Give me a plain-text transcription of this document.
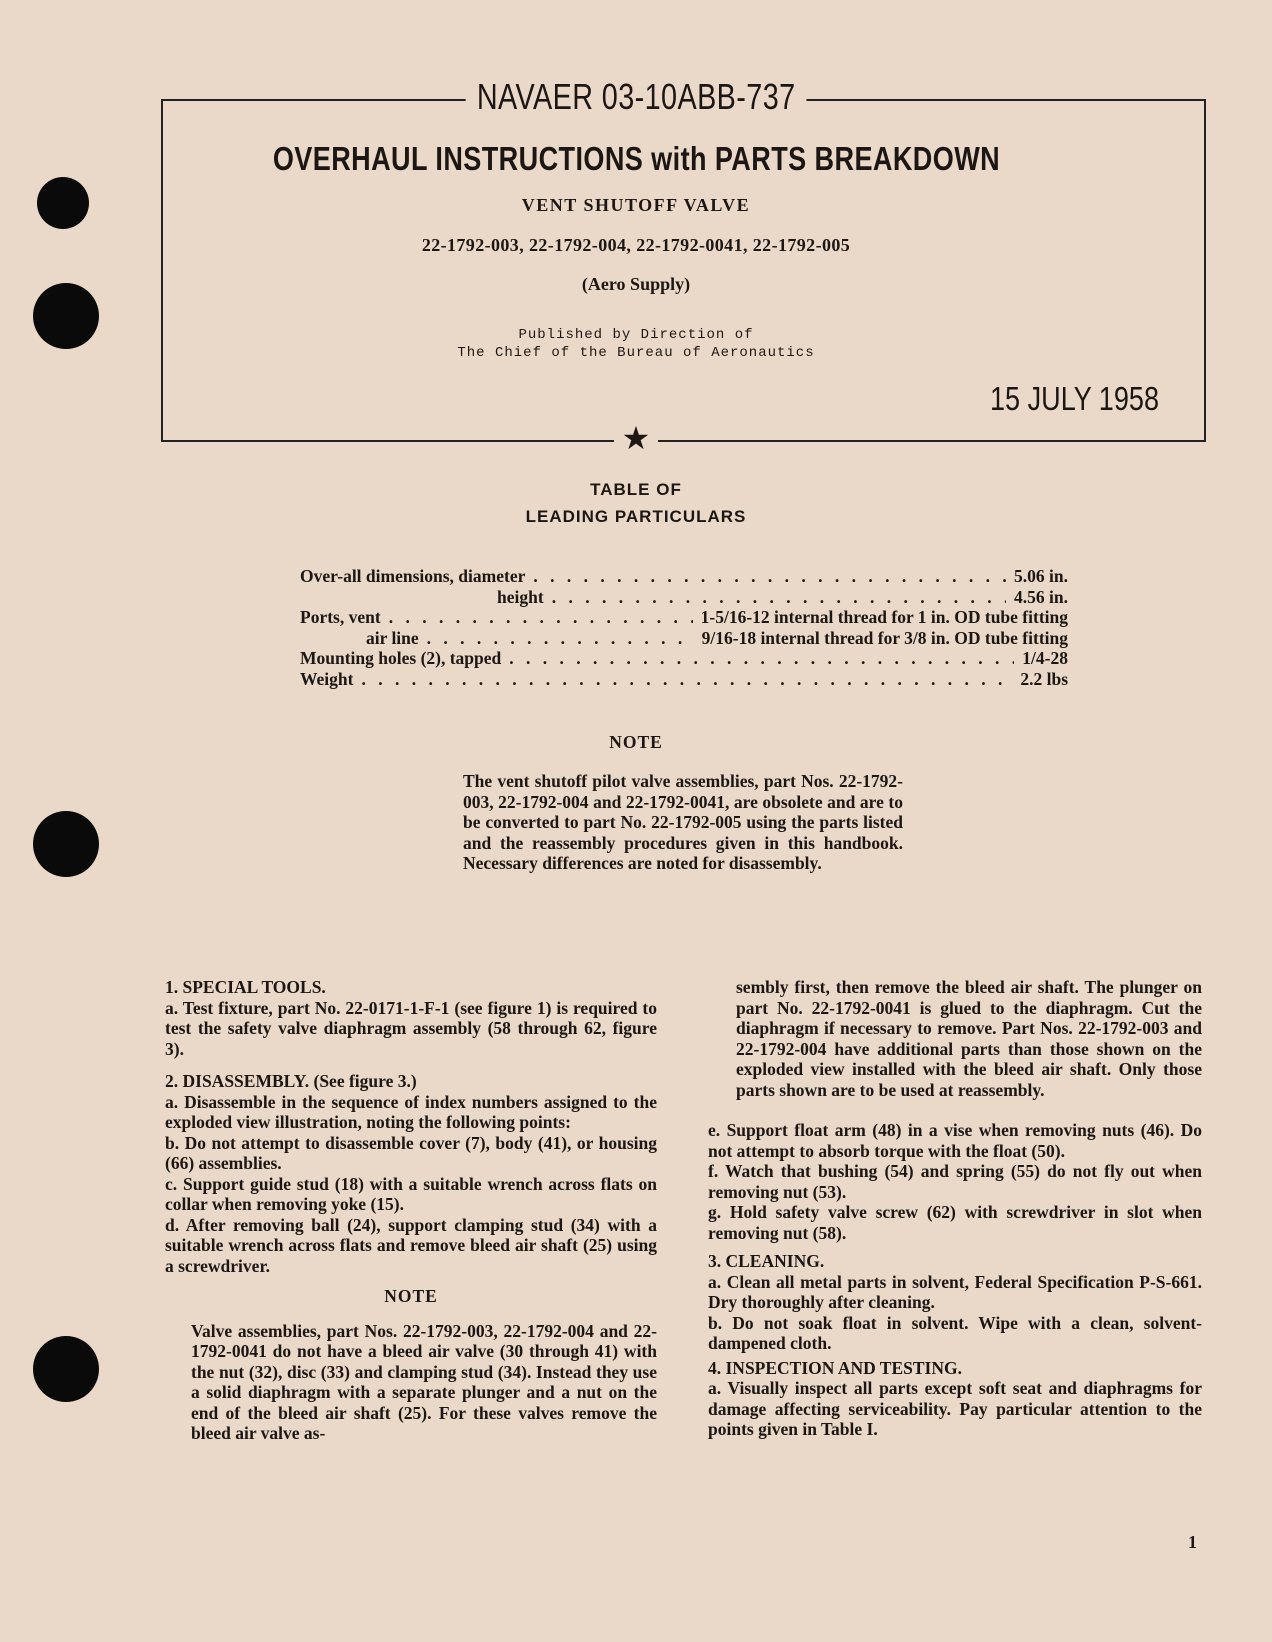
NAVAER 03-10ABB-737
OVERHAUL INSTRUCTIONS with PARTS BREAKDOWN
VENT SHUTOFF VALVE
22-1792-003, 22-1792-004, 22-1792-0041, 22-1792-005
(Aero Supply)
Published by Direction of
The Chief of the Bureau of Aeronautics
15 JULY 1958
★
TABLE OF
LEADING PARTICULARS
Over-all dimensions, diameter . . .	5.06 in.
height . . .	4.56 in.
Ports, vent . . .	1-5/16-12 internal thread for 1 in. OD tube fitting
air line . . .	9/16-18 internal thread for 3/8 in. OD tube fitting
Mounting holes (2), tapped . . .	1/4-28
Weight . . .	2.2 lbs
NOTE
The vent shutoff pilot valve assemblies, part Nos. 22-1792-003, 22-1792-004 and 22-1792-0041, are obsolete and are to be converted to part No. 22-1792-005 using the parts listed and the reassembly procedures given in this handbook. Necessary differences are noted for disassembly.

1. SPECIAL TOOLS.

a. Test fixture, part No. 22-0171-1-F-1 (see figure 1) is required to test the safety valve diaphragm assembly (58 through 62, figure 3).

2. DISASSEMBLY. (See figure 3.)

a. Disassemble in the sequence of index numbers assigned to the exploded view illustration, noting the following points:

b. Do not attempt to disassemble cover (7), body (41), or housing (66) assemblies.

c. Support guide stud (18) with a suitable wrench across flats on collar when removing yoke (15).

d. After removing ball (24), support clamping stud (34) with a suitable wrench across flats and remove bleed air shaft (25) using a screwdriver.

NOTE

Valve assemblies, part Nos. 22-1792-003, 22-1792-004 and 22-1792-0041 do not have a bleed air valve (30 through 41) with the nut (32), disc (33) and clamping stud (34). Instead they use a solid diaphragm with a separate plunger and a nut on the end of the bleed air shaft (25). For these valves remove the bleed air valve as-

sembly first, then remove the bleed air shaft. The plunger on part No. 22-1792-0041 is glued to the diaphragm. Cut the diaphragm if necessary to remove. Part Nos. 22-1792-003 and 22-1792-004 have additional parts than those shown on the exploded view installed with the bleed air shaft. Only those parts shown are to be used at reassembly.

e. Support float arm (48) in a vise when removing nuts (46). Do not attempt to absorb torque with the float (50).

f. Watch that bushing (54) and spring (55) do not fly out when removing nut (53).

g. Hold safety valve screw (62) with screwdriver in slot when removing nut (58).

3. CLEANING.

a. Clean all metal parts in solvent, Federal Specification P-S-661. Dry thoroughly after cleaning.

b. Do not soak float in solvent. Wipe with a clean, solvent-dampened cloth.

4. INSPECTION AND TESTING.

a. Visually inspect all parts except soft seat and diaphragms for damage affecting serviceability. Pay particular attention to the points given in Table I.

1
